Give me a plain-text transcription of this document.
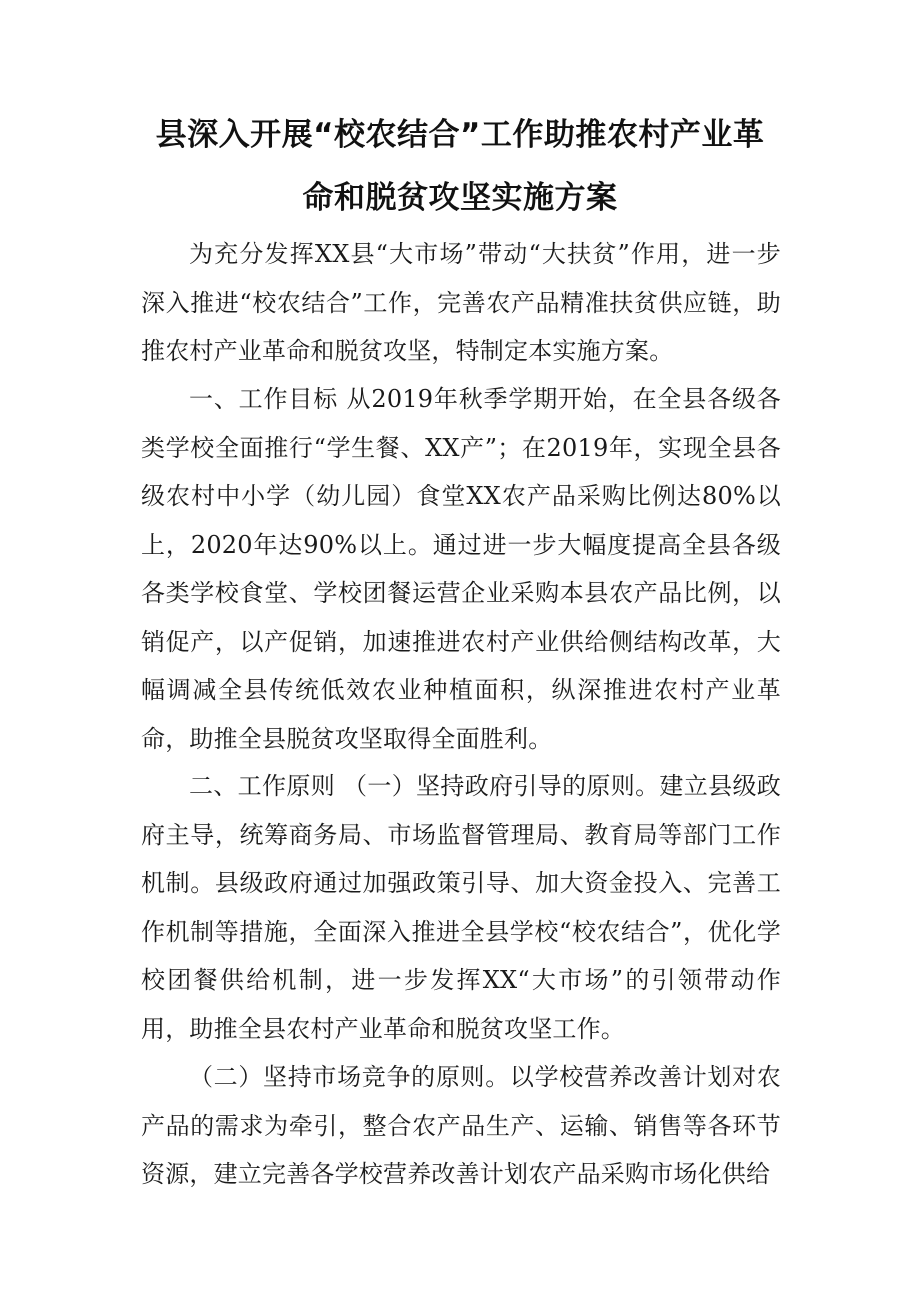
县深入开展“校农结合”工作助推农村产业革
命和脱贫攻坚实施方案

为充分发挥XX县“大市场”带动“大扶贫”作用，进一步深入推进“校农结合”工作，完善农产品精准扶贫供应链，助推农村产业革命和脱贫攻坚，特制定本实施方案。

一、工作目标 从2019年秋季学期开始，在全县各级各类学校全面推行“学生餐、XX产”；在2019年，实现全县各级农村中小学（幼儿园）食堂XX农产品采购比例达80%以上，2020年达90%以上。通过进一步大幅度提高全县各级各类学校食堂、学校团餐运营企业采购本县农产品比例，以销促产，以产促销，加速推进农村产业供给侧结构改革，大幅调减全县传统低效农业种植面积，纵深推进农村产业革命，助推全县脱贫攻坚取得全面胜利。

二、工作原则 （一）坚持政府引导的原则。建立县级政府主导，统筹商务局、市场监督管理局、教育局等部门工作机制。县级政府通过加强政策引导、加大资金投入、完善工作机制等措施，全面深入推进全县学校“校农结合”，优化学校团餐供给机制，进一步发挥XX“大市场”的引领带动作用，助推全县农村产业革命和脱贫攻坚工作。

（二）坚持市场竞争的原则。以学校营养改善计划对农产品的需求为牵引，整合农产品生产、运输、销售等各环节资源，建立完善各学校营养改善计划农产品采购市场化供给
